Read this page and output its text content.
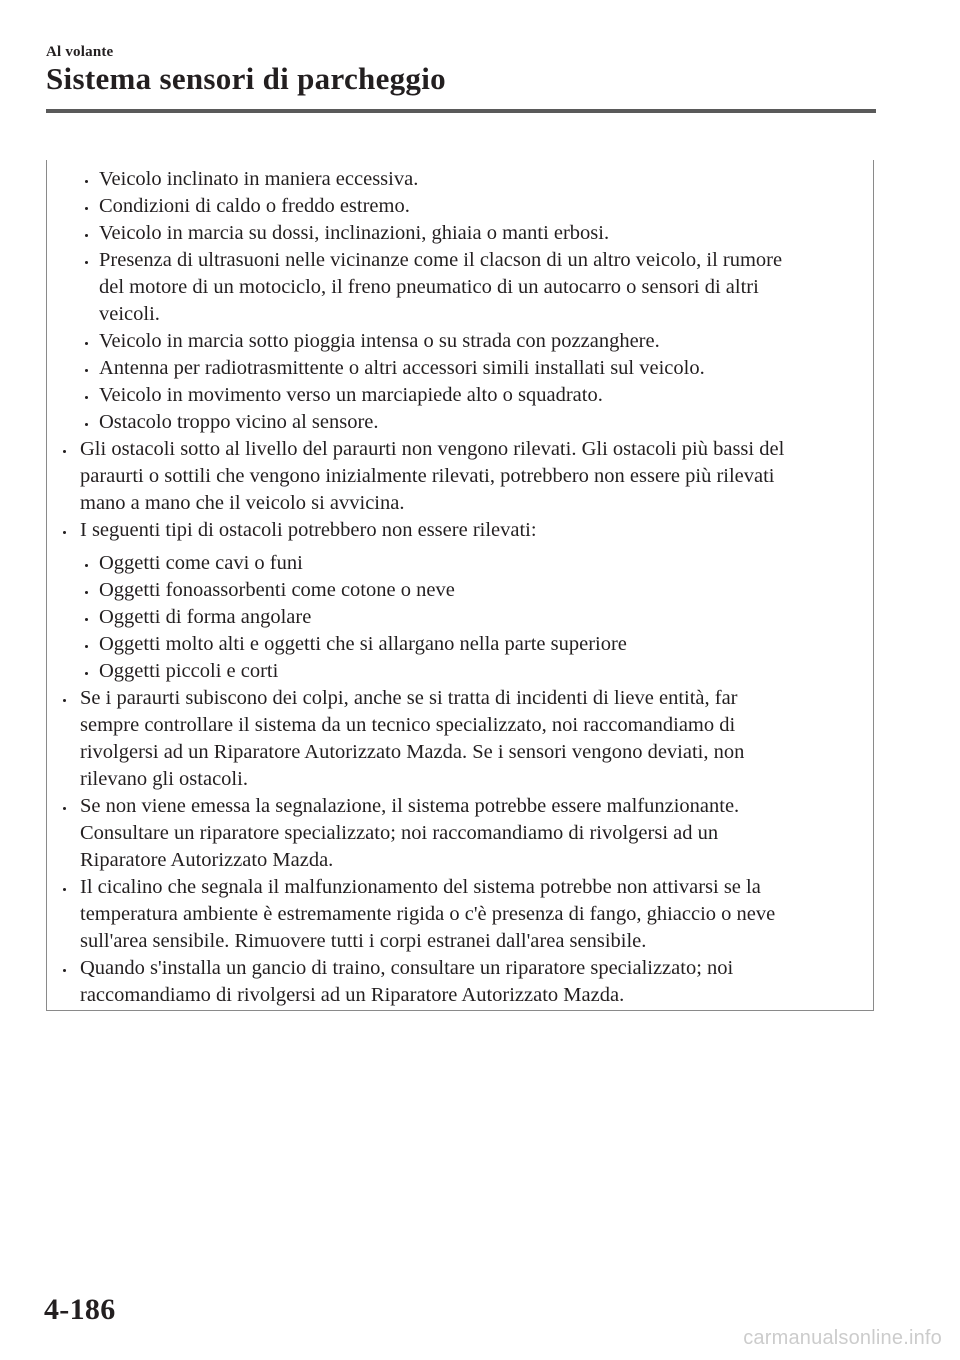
Al volante
Sistema sensori di parcheggio
Veicolo inclinato in maniera eccessiva.
Condizioni di caldo o freddo estremo.
Veicolo in marcia su dossi, inclinazioni, ghiaia o manti erbosi.
Presenza di ultrasuoni nelle vicinanze come il clacson di un altro veicolo, il rumore
del motore di un motociclo, il freno pneumatico di un autocarro o sensori di altri
veicoli.
Veicolo in marcia sotto pioggia intensa o su strada con pozzanghere.
Antenna per radiotrasmittente o altri accessori simili installati sul veicolo.
Veicolo in movimento verso un marciapiede alto o squadrato.
Ostacolo troppo vicino al sensore.
Gli ostacoli sotto al livello del paraurti non vengono rilevati. Gli ostacoli più bassi del
paraurti o sottili che vengono inizialmente rilevati, potrebbero non essere più rilevati
mano a mano che il veicolo si avvicina.
I seguenti tipi di ostacoli potrebbero non essere rilevati:
Oggetti come cavi o funi
Oggetti fonoassorbenti come cotone o neve
Oggetti di forma angolare
Oggetti molto alti e oggetti che si allargano nella parte superiore
Oggetti piccoli e corti
Se i paraurti subiscono dei colpi, anche se si tratta di incidenti di lieve entità, far
sempre controllare il sistema da un tecnico specializzato, noi raccomandiamo di
rivolgersi ad un Riparatore Autorizzato Mazda. Se i sensori vengono deviati, non
rilevano gli ostacoli.
Se non viene emessa la segnalazione, il sistema potrebbe essere malfunzionante.
Consultare un riparatore specializzato; noi raccomandiamo di rivolgersi ad un
Riparatore Autorizzato Mazda.
Il cicalino che segnala il malfunzionamento del sistema potrebbe non attivarsi se la
temperatura ambiente è estremamente rigida o c'è presenza di fango, ghiaccio o neve
sull'area sensibile. Rimuovere tutti i corpi estranei dall'area sensibile.
Quando s'installa un gancio di traino, consultare un riparatore specializzato; noi
raccomandiamo di rivolgersi ad un Riparatore Autorizzato Mazda.
4-186
carmanualsonline.info
